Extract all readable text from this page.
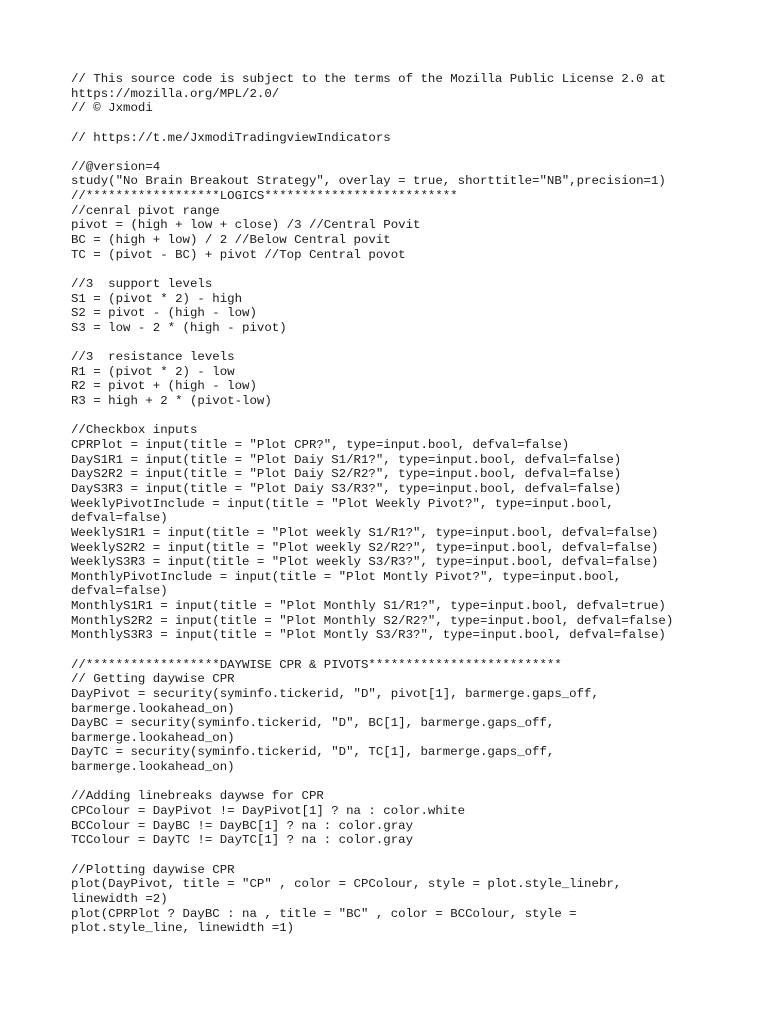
// This source code is subject to the terms of the Mozilla Public License 2.0 at
https://mozilla.org/MPL/2.0/
// © Jxmodi
// https://t.me/JxmodiTradingviewIndicators
//@version=4
study("No Brain Breakout Strategy", overlay = true, shorttitle="NB",precision=1)
//******************LOGICS**************************
//cenral pivot range
pivot = (high + low + close) /3 //Central Povit
BC = (high + low) / 2 //Below Central povit
TC = (pivot - BC) + pivot //Top Central povot
//3  support levels
S1 = (pivot * 2) - high
S2 = pivot - (high - low)
S3 = low - 2 * (high - pivot)
//3  resistance levels
R1 = (pivot * 2) - low
R2 = pivot + (high - low)
R3 = high + 2 * (pivot-low)
//Checkbox inputs
CPRPlot = input(title = "Plot CPR?", type=input.bool, defval=false)
DayS1R1 = input(title = "Plot Daiy S1/R1?", type=input.bool, defval=false)
DayS2R2 = input(title = "Plot Daiy S2/R2?", type=input.bool, defval=false)
DayS3R3 = input(title = "Plot Daiy S3/R3?", type=input.bool, defval=false)
WeeklyPivotInclude = input(title = "Plot Weekly Pivot?", type=input.bool,
defval=false)
WeeklyS1R1 = input(title = "Plot weekly S1/R1?", type=input.bool, defval=false)
WeeklyS2R2 = input(title = "Plot weekly S2/R2?", type=input.bool, defval=false)
WeeklyS3R3 = input(title = "Plot weekly S3/R3?", type=input.bool, defval=false)
MonthlyPivotInclude = input(title = "Plot Montly Pivot?", type=input.bool,
defval=false)
MonthlyS1R1 = input(title = "Plot Monthly S1/R1?", type=input.bool, defval=true)
MonthlyS2R2 = input(title = "Plot Monthly S2/R2?", type=input.bool, defval=false)
MonthlyS3R3 = input(title = "Plot Montly S3/R3?", type=input.bool, defval=false)
//******************DAYWISE CPR & PIVOTS**************************
// Getting daywise CPR
DayPivot = security(syminfo.tickerid, "D", pivot[1], barmerge.gaps_off,
barmerge.lookahead_on)
DayBC = security(syminfo.tickerid, "D", BC[1], barmerge.gaps_off,
barmerge.lookahead_on)
DayTC = security(syminfo.tickerid, "D", TC[1], barmerge.gaps_off,
barmerge.lookahead_on)
//Adding linebreaks daywse for CPR
CPColour = DayPivot != DayPivot[1] ? na : color.white
BCColour = DayBC != DayBC[1] ? na : color.gray
TCColour = DayTC != DayTC[1] ? na : color.gray
//Plotting daywise CPR
plot(DayPivot, title = "CP" , color = CPColour, style = plot.style_linebr,
linewidth =2)
plot(CPRPlot ? DayBC : na , title = "BC" , color = BCColour, style =
plot.style_line, linewidth =1)
